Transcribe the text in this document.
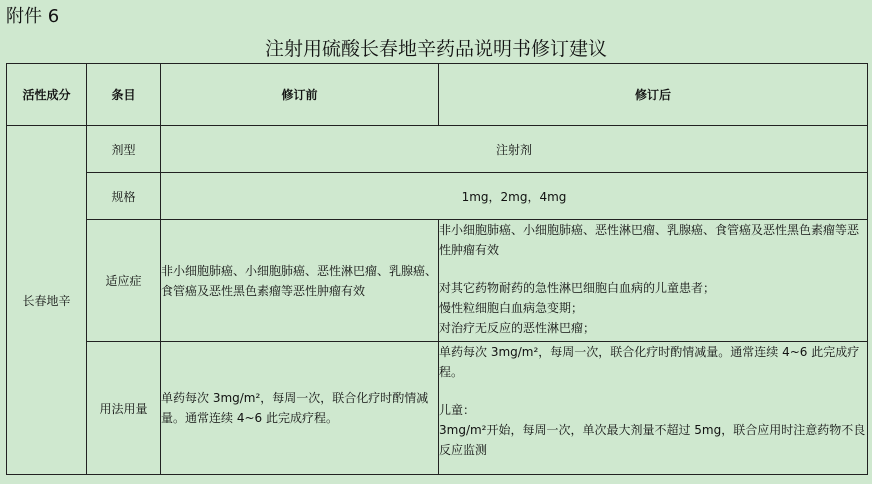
附件 6
注射用硫酸长春地辛药品说明书修订建议
活性成分	条目	修订前	修订后
长春地辛	剂型	注射剂	
	规格	1mg，2mg，4mg	
	适应症	非小细胞肺癌、小细胞肺癌、恶性淋巴瘤、乳腺癌、食管癌及恶性黑色素瘤等恶性肿瘤有效	非小细胞肺癌、小细胞肺癌、恶性淋巴瘤、乳腺癌、食管癌及恶性黑色素瘤等恶性肿瘤有效
对其它药物耐药的急性淋巴细胞白血病的儿童患者；
慢性粒细胞白血病急变期；
对治疗无反应的恶性淋巴瘤；

	用法用量	单药每次 3mg/m²，每周一次，联合化疗时酌情减量。通常连续 4~6 此完成疗程。	单药每次 3mg/m²，每周一次，联合化疗时酌情减量。通常连续 4~6 此完成疗程。
儿童：
3mg/m²开始，每周一次，单次最大剂量不超过 5mg，联合应用时注意药物不良反应监测
